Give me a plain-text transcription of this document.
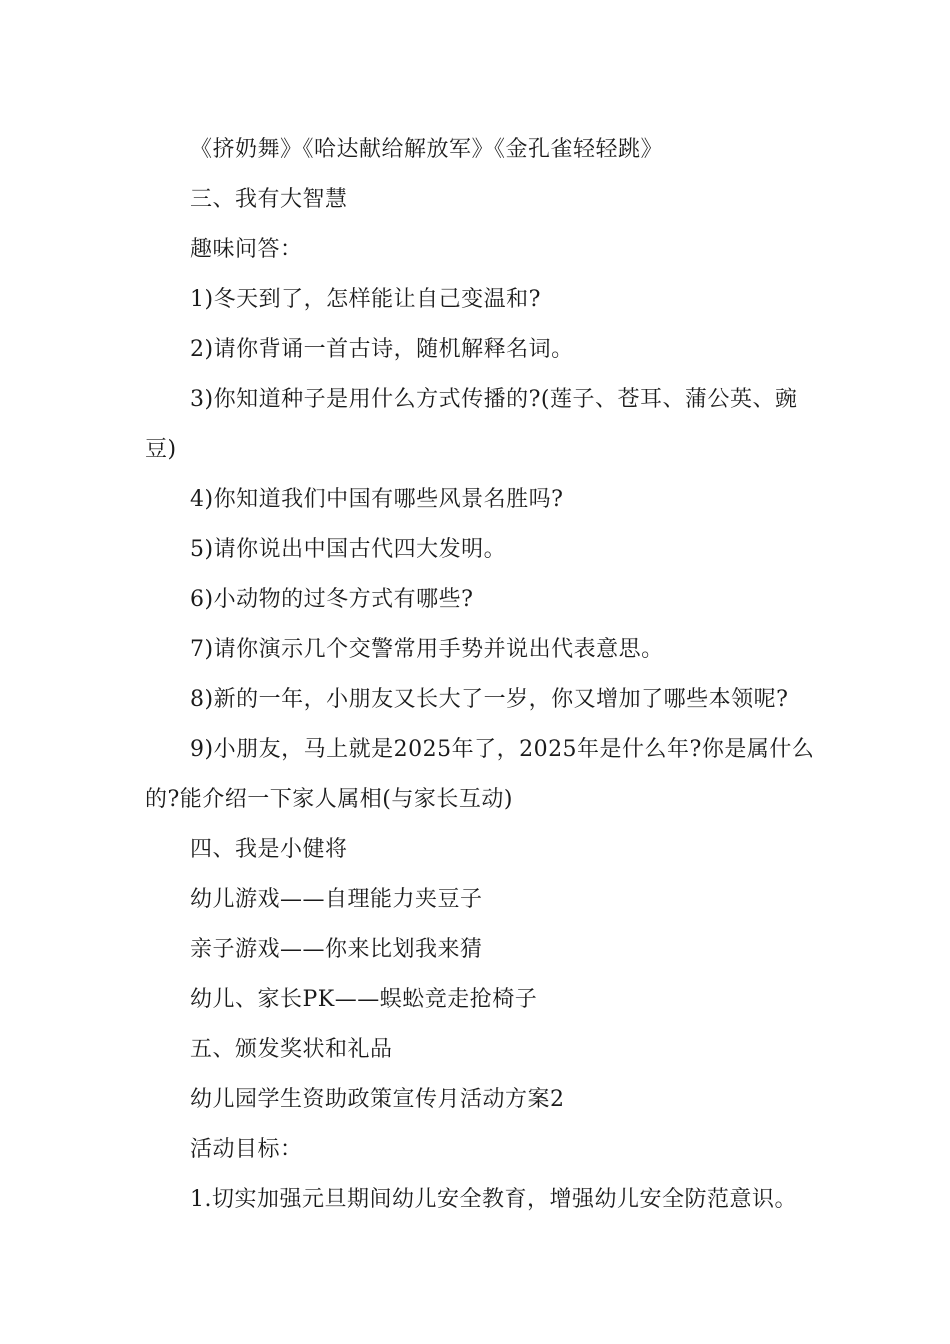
《挤奶舞》《哈达献给解放军》《金孔雀轻轻跳》
三、我有大智慧
趣味问答：
1)冬天到了，怎样能让自己变温和?
2)请你背诵一首古诗，随机解释名词。
3)你知道种子是用什么方式传播的?(莲子、苍耳、蒲公英、豌
豆)
4)你知道我们中国有哪些风景名胜吗?
5)请你说出中国古代四大发明。
6)小动物的过冬方式有哪些?
7)请你演示几个交警常用手势并说出代表意思。
8)新的一年，小朋友又长大了一岁，你又增加了哪些本领呢?
9)小朋友，马上就是2025年了，2025年是什么年?你是属什么
的?能介绍一下家人属相(与家长互动)
四、我是小健将
幼儿游戏——自理能力夹豆子
亲子游戏——你来比划我来猜
幼儿、家长PK——蜈蚣竞走抢椅子
五、颁发奖状和礼品
幼儿园学生资助政策宣传月活动方案2
活动目标：
1.切实加强元旦期间幼儿安全教育，增强幼儿安全防范意识。
